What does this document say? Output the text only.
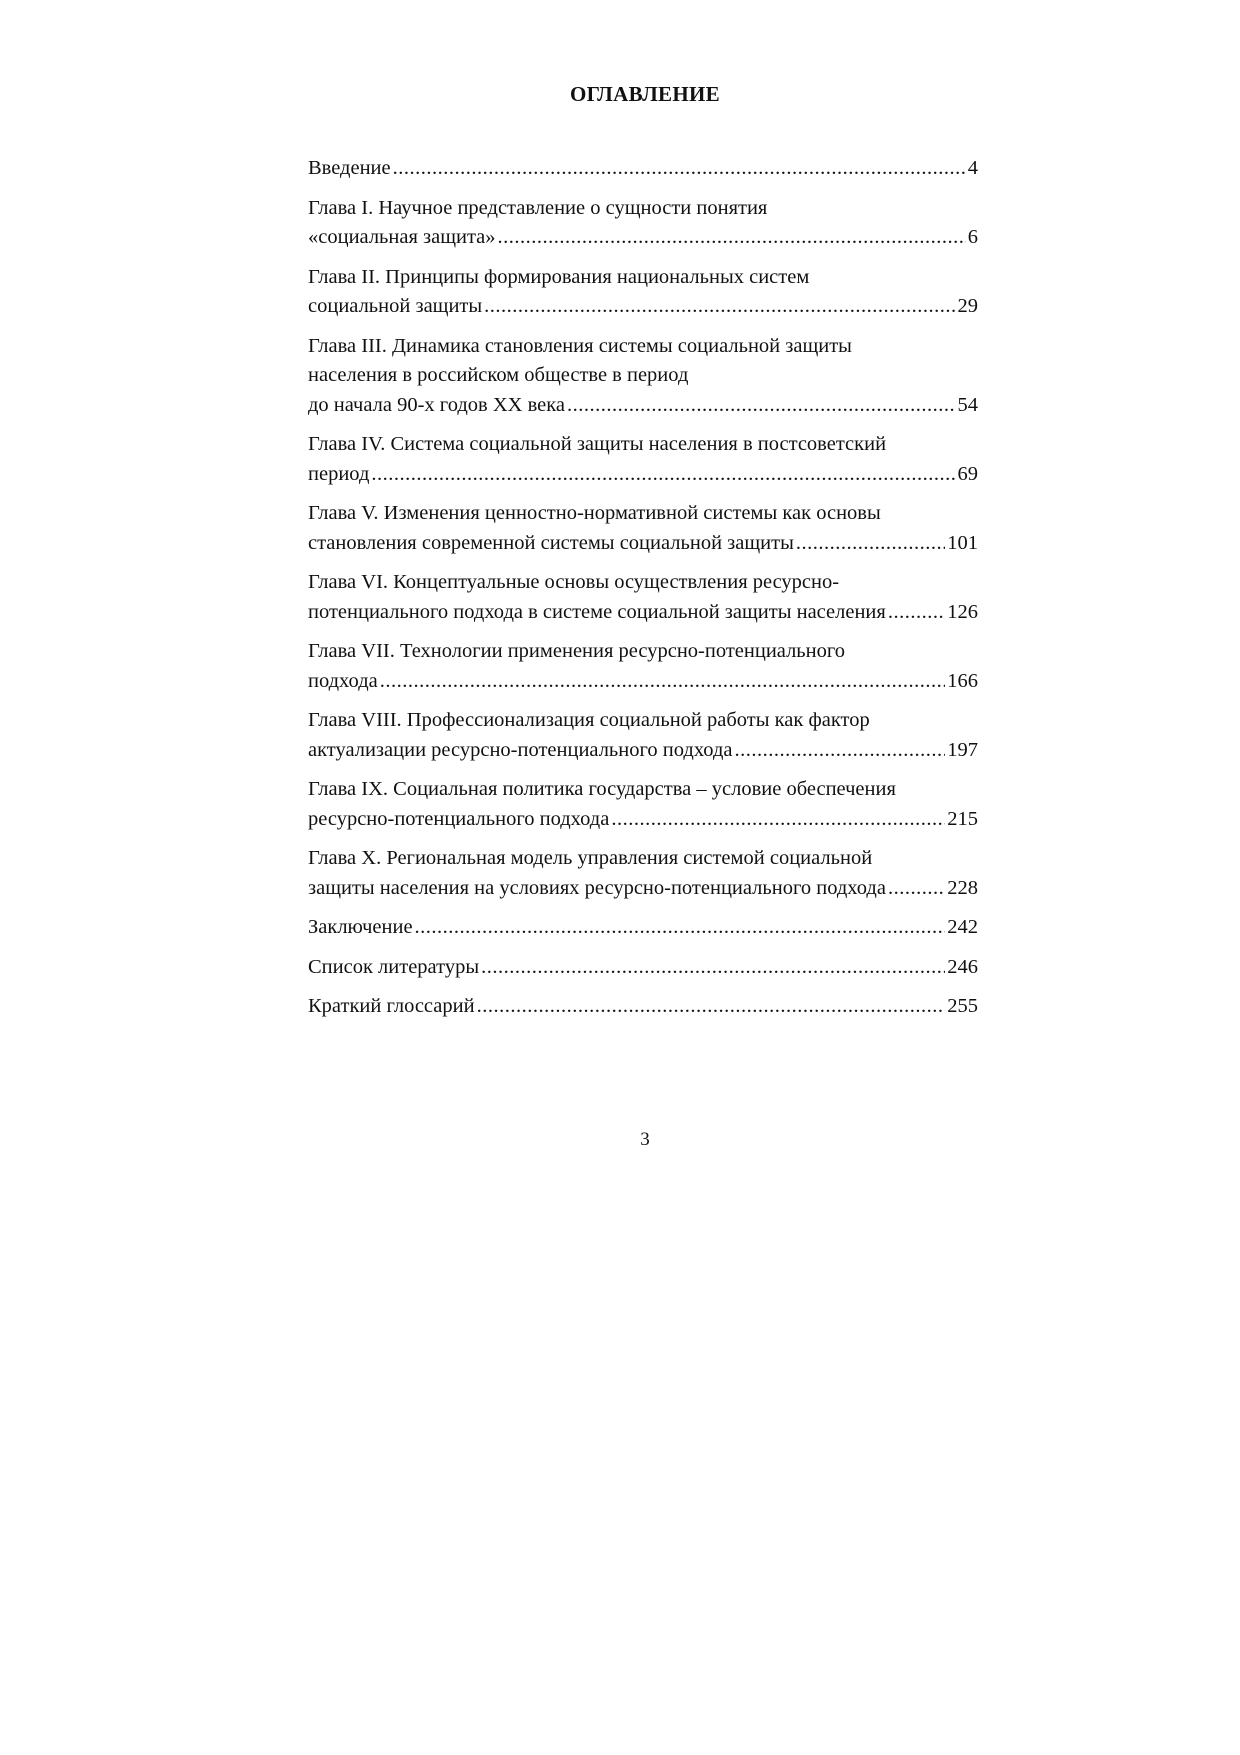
ОГЛАВЛЕНИЕ
Введение .....	4
Глава I. Научное представление о сущности понятия
«социальная защита» .....	6
Глава II. Принципы формирования национальных систем
социальной защиты .....	29
Глава III. Динамика становления системы социальной защиты
населения в российском обществе в период
до начала 90-х годов XX века .....	54
Глава IV. Система социальной защиты населения в постсоветский
период .....	69
Глава V. Изменения ценностно-нормативной системы как основы
становления современной системы социальной защиты .....	101
Глава VI. Концептуальные основы осуществления ресурсно-
потенциального подхода в системе социальной защиты населения .....	126
Глава VII. Технологии применения ресурсно-потенциального
подхода .....	166
Глава VIII. Профессионализация социальной работы как фактор
актуализации ресурсно-потенциального подхода .....	197
Глава IX. Социальная политика государства – условие обеспечения
ресурсно-потенциального подхода .....	215
Глава X. Региональная модель управления системой социальной
защиты населения на условиях ресурсно-потенциального подхода .....	228
Заключение .....	242
Список литературы .....	246
Краткий глоссарий .....	255
3
